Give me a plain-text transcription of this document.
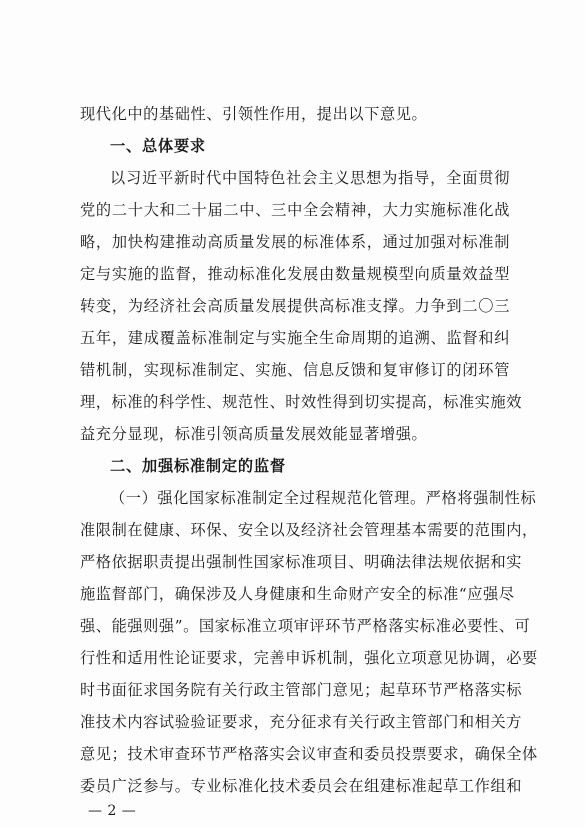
现代化中的基础性、引领性作用，提出以下意见。
一、总体要求
以习近平新时代中国特色社会主义思想为指导，全面贯彻
党的二十大和二十届二中、三中全会精神，大力实施标准化战
略，加快构建推动高质量发展的标准体系，通过加强对标准制
定与实施的监督，推动标准化发展由数量规模型向质量效益型
转变，为经济社会高质量发展提供高标准支撑。力争到二〇三
五年，建成覆盖标准制定与实施全生命周期的追溯、监督和纠
错机制，实现标准制定、实施、信息反馈和复审修订的闭环管
理，标准的科学性、规范性、时效性得到切实提高，标准实施效
益充分显现，标准引领高质量发展效能显著增强。
二、加强标准制定的监督
（一）强化国家标准制定全过程规范化管理。严格将强制性标
准限制在健康、环保、安全以及经济社会管理基本需要的范围内，
严格依据职责提出强制性国家标准项目、明确法律法规依据和实
施监督部门，确保涉及人身健康和生命财产安全的标准“应强尽
强、能强则强”。国家标准立项审评环节严格落实标准必要性、可
行性和适用性论证要求，完善申诉机制，强化立项意见协调，必要
时书面征求国务院有关行政主管部门意见；起草环节严格落实标
准技术内容试验验证要求，充分征求有关行政主管部门和相关方
意见；技术审查环节严格落实会议审查和委员投票要求，确保全体
委员广泛参与。专业标准化技术委员会在组建标准起草工作组和
— 2 —
